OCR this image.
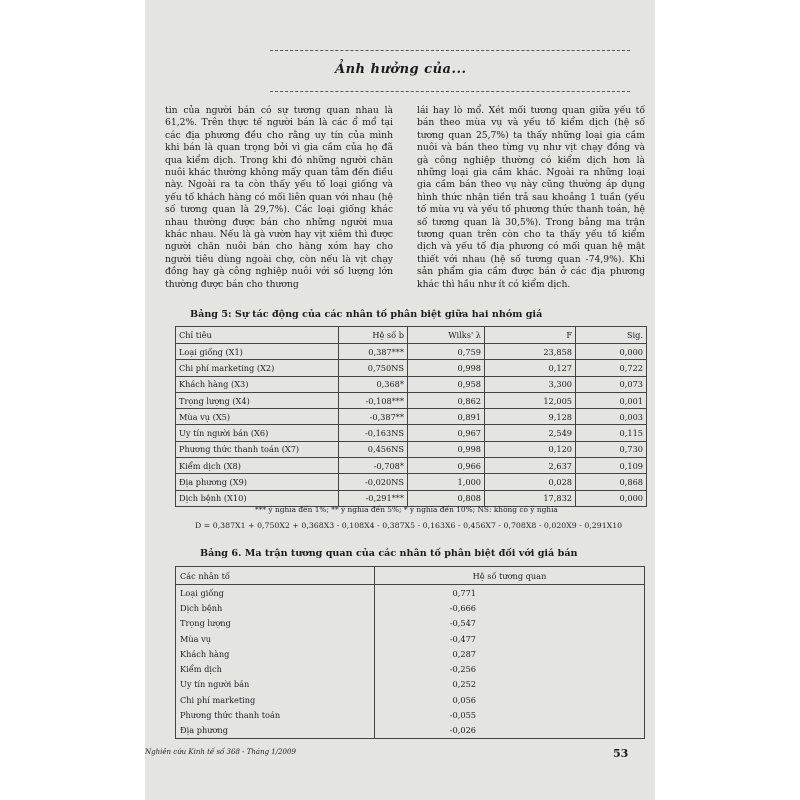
Ảnh hưởng của...
tin của người bán có sự tương quan nhau là 61,2%. Trên thực tế người bán là các ổ mổ tại các địa phương đều cho rằng uy tín của mình khi bán là quan trọng bởi vì gia cầm của họ đã qua kiểm dịch. Trong khi đó những người chăn nuôi khác thường không mấy quan tâm đến điều này. Ngoài ra ta còn thấy yếu tố loại giống và yếu tố khách hàng có mối liên quan với nhau (hệ số tương quan là 29,7%). Các loại giống khác nhau thường được bán cho những người mua khác nhau. Nếu là gà vườn hay vịt xiêm thì được người chăn nuôi bán cho hàng xóm hay cho người tiêu dùng ngoài chợ, còn nếu là vịt chạy đồng hay gà công nghiệp nuôi với số lượng lớn thường được bán cho thương
lái hay lò mổ. Xét mối tương quan giữa yếu tố bán theo mùa vụ và yếu tố kiểm dịch (hệ số tương quan 25,7%) ta thấy những loại gia cầm nuôi và bán theo từng vụ như vịt chạy đồng và gà công nghiệp thường có kiểm dịch hơn là những loại gia cầm khác. Ngoài ra những loại gia cầm bán theo vụ này cũng thường áp dụng hình thức nhận tiền trả sau khoảng 1 tuần (yếu tố mùa vụ và yếu tố phương thức thanh toán, hệ số tương quan là 30,5%). Trong bảng ma trận tương quan trên còn cho ta thấy yếu tố kiểm dịch và yếu tố địa phương có mối quan hệ mật thiết với nhau (hệ số tương quan -74,9%). Khi sản phẩm gia cầm được bán ở các địa phương khác thì hầu như ít có kiểm dịch.
Bảng 5: Sự tác động của các nhân tố phân biệt giữa hai nhóm giá
Chỉ tiêu	Hệ số b	Wilks' λ	F	Sig.
Loại giống (X1)	0,387***	0,759	23,858	0,000
Chi phí marketing (X2)	0,750NS	0,998	0,127	0,722
Khách hàng (X3)	0,368*	0,958	3,300	0,073
Trọng lượng (X4)	-0,108***	0,862	12,005	0,001
Mùa vụ (X5)	-0,387**	0,891	9,128	0,003
Uy tín người bán (X6)	-0,163NS	0,967	2,549	0,115
Phương thức thanh toán (X7)	0,456NS	0,998	0,120	0,730
Kiểm dịch (X8)	-0,708*	0,966	2,637	0,109
Địa phương (X9)	-0,020NS	1,000	0,028	0,868
Dịch bệnh (X10)	-0,291***	0,808	17,832	0,000
*** ý nghĩa đến 1%; ** ý nghĩa đến 5%; * ý nghĩa đến 10%; NS: không có ý nghĩa
D = 0,387X1 + 0,750X2 + 0,368X3 - 0,108X4 - 0,387X5 - 0,163X6 - 0,456X7 - 0,708X8 - 0,020X9 - 0,291X10
Bảng 6. Ma trận tương quan của các nhân tố phân biệt đối với giá bán
Các nhân tố	Hệ số tương quan
Loại giống	0,771
Dịch bệnh	-0,666
Trọng lượng	-0,547
Mùa vụ	-0,477
Khách hàng	0,287
Kiểm dịch	-0,256
Uy tín người bán	0,252
Chi phí marketing	0,056
Phương thức thanh toán	-0,055
Địa phương	-0,026
Nghiên cứu Kinh tế số 368 - Tháng 1/2009	53
